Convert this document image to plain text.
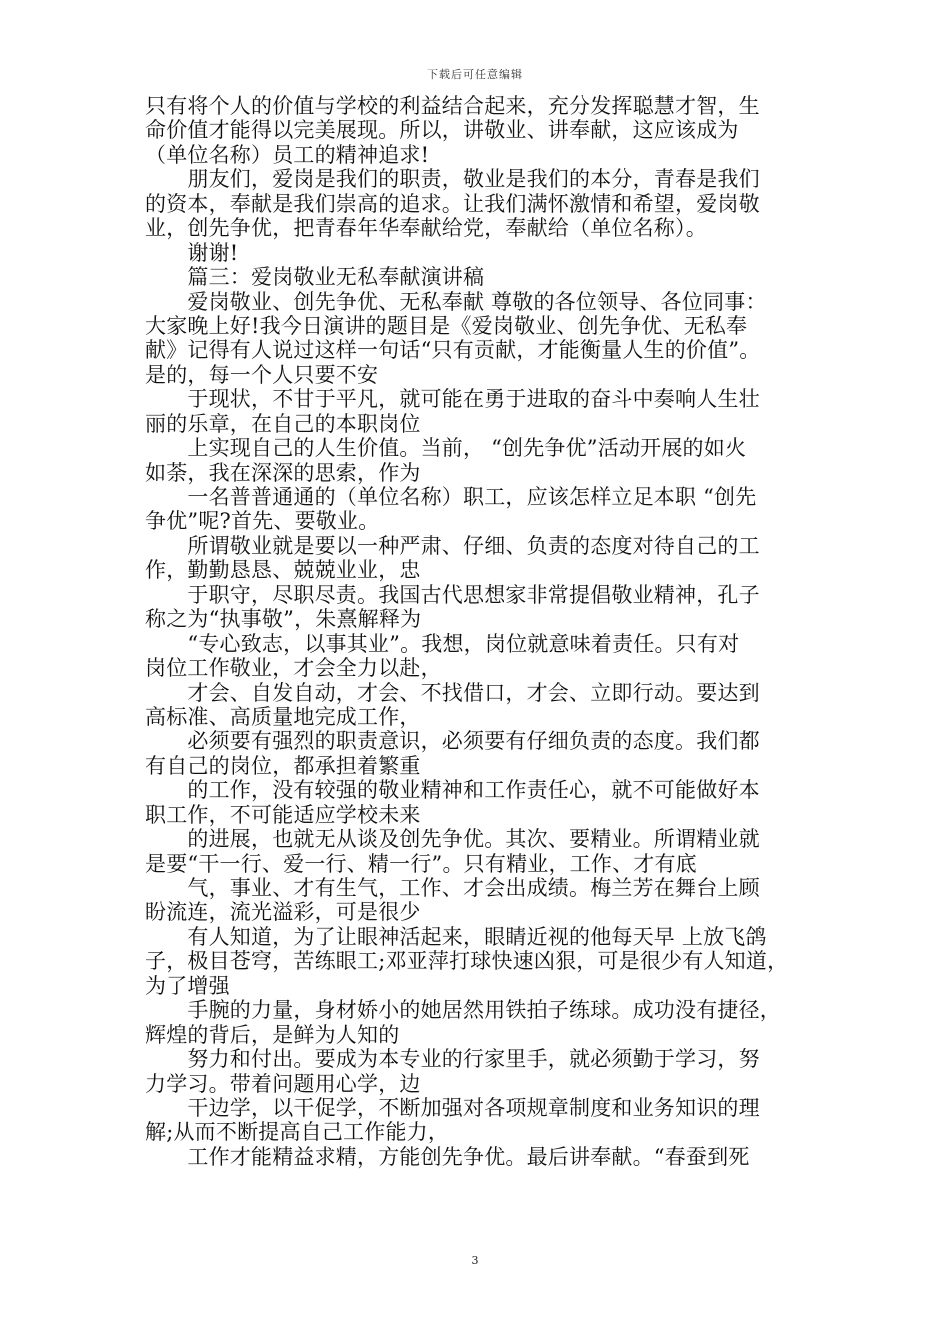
下载后可任意编辑
只有将个人的价值与学校的利益结合起来，充分发挥聪慧才智，生
命价值才能得以完美展现。所以，讲敬业、讲奉献，这应该成为
（单位名称）员工的精神追求!
　　朋友们，爱岗是我们的职责，敬业是我们的本分，青春是我们
的资本，奉献是我们崇高的追求。让我们满怀激情和希望，爱岗敬
业，创先争优，把青春年华奉献给党，奉献给（单位名称）。
　　谢谢!
　　篇三：爱岗敬业无私奉献演讲稿
　　爱岗敬业、创先争优、无私奉献 尊敬的各位领导、各位同事：
大家晚上好!我今日演讲的题目是《爱岗敬业、创先争优、无私奉
献》记得有人说过这样一句话“只有贡献，才能衡量人生的价值”。
是的，每一个人只要不安
　　于现状，不甘于平凡，就可能在勇于进取的奋斗中奏响人生壮
丽的乐章，在自己的本职岗位
　　上实现自己的人生价值。当前， “创先争优”活动开展的如火
如荼，我在深深的思索，作为
　　一名普普通通的（单位名称）职工，应该怎样立足本职 “创先
争优”呢?首先、要敬业。
　　所谓敬业就是要以一种严肃、仔细、负责的态度对待自己的工
作，勤勤恳恳、兢兢业业，忠
　　于职守，尽职尽责。我国古代思想家非常提倡敬业精神，孔子
称之为“执事敬”，朱熹解释为
　　“专心致志，以事其业”。我想，岗位就意味着责任。只有对
岗位工作敬业，才会全力以赴，
　　才会、自发自动，才会、不找借口，才会、立即行动。要达到
高标准、高质量地完成工作，
　　必须要有强烈的职责意识，必须要有仔细负责的态度。我们都
有自己的岗位，都承担着繁重
　　的工作，没有较强的敬业精神和工作责任心，就不可能做好本
职工作，不可能适应学校未来
　　的进展，也就无从谈及创先争优。其次、要精业。所谓精业就
是要“干一行、爱一行、精一行”。只有精业，工作、才有底
　　气，事业、才有生气，工作、才会出成绩。梅兰芳在舞台上顾
盼流连，流光溢彩，可是很少
　　有人知道，为了让眼神活起来，眼睛近视的他每天早 上放飞鸽
子，极目苍穹，苦练眼工;邓亚萍打球快速凶狠，可是很少有人知道，
为了增强
　　手腕的力量，身材娇小的她居然用铁拍子练球。成功没有捷径，
辉煌的背后，是鲜为人知的
　　努力和付出。要成为本专业的行家里手，就必须勤于学习，努
力学习。带着问题用心学，边
　　干边学，以干促学，不断加强对各项规章制度和业务知识的理
解;从而不断提高自己工作能力，
　　工作才能精益求精，方能创先争优。最后讲奉献。“春蚕到死
3
